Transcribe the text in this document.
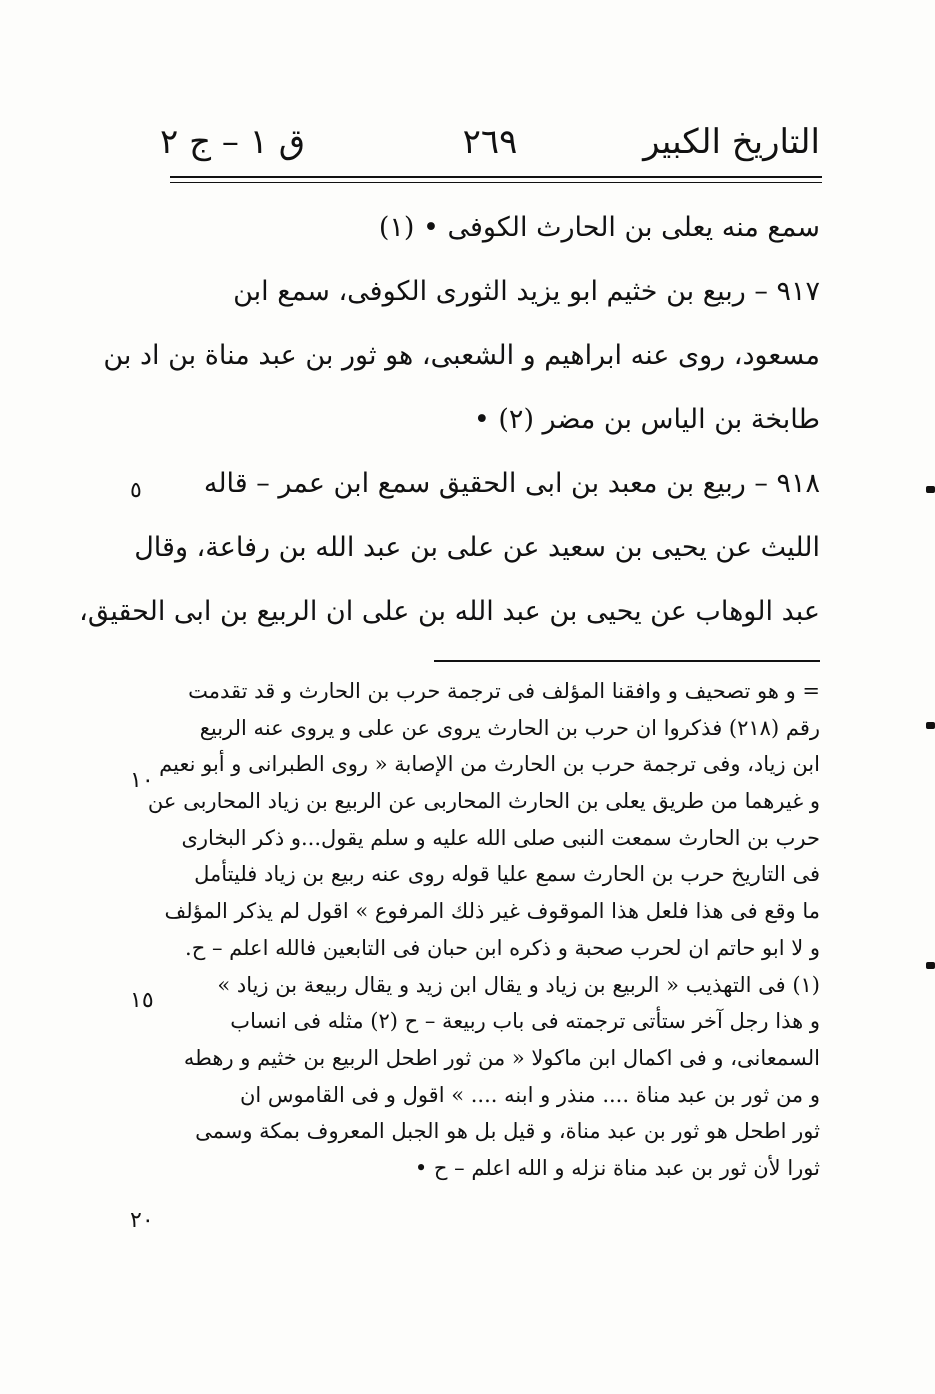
التاريخ الكبير
٢٦٩
ق ١ – ج ٢
سمع منه يعلى بن الحارث الكوفى • (١)
٩١٧ – ربيع بن خثيم ابو يزيد الثورى الكوفى، سمع ابن
مسعود، روى عنه ابراهيم و الشعبى، هو ثور بن عبد مناة بن اد بن
طابخة بن الياس بن مضر (٢) •
٩١٨ – ربيع بن معبد بن ابى الحقيق سمع ابن عمر – قاله
الليث عن يحيى بن سعيد عن على بن عبد الله بن رفاعة، وقال
عبد الوهاب عن يحيى بن عبد الله بن على ان الربيع بن ابى الحقيق،
= و هو تصحيف و وافقنا المؤلف فى ترجمة حرب بن الحارث و قد تقدمت
رقم (٢١٨) فذكروا ان حرب بن الحارث يروى عن على و يروى عنه الربيع
ابن زياد، وفى ترجمة حرب بن الحارث من الإصابة « روى الطبرانى و أبو نعيم
و غيرهما من طريق يعلى بن الحارث المحاربى عن الربيع بن زياد المحاربى عن
حرب بن الحارث سمعت النبى صلى الله عليه و سلم يقول...و ذكر البخارى
فى التاريخ حرب بن الحارث سمع عليا قوله روى عنه ربيع بن زياد فليتأمل
ما وقع فى هذا فلعل هذا الموقوف غير ذلك المرفوع » اقول لم يذكر المؤلف
و لا ابو حاتم ان لحرب صحبة و ذكره ابن حبان فى التابعين فالله اعلم – ح.
(١) فى التهذيب « الربيع بن زياد و يقال ابن زيد و يقال ربيعة بن زياد »
و هذا رجل آخر ستأتى ترجمته فى باب ربيعة – ح (٢) مثله فى انساب
السمعانى، و فى اكمال ابن ماكولا « من ثور اطحل الربيع بن خثيم و رهطه
و من ثور بن عبد مناة .... منذر و ابنه .... » اقول و فى القاموس ان
ثور اطحل هو ثور بن عبد مناة، و قيل بل هو الجبل المعروف بمكة وسمى
ثورا لأن ثور بن عبد مناة نزله و الله اعلم – ح •
٥
١٠
١٥
٢٠
